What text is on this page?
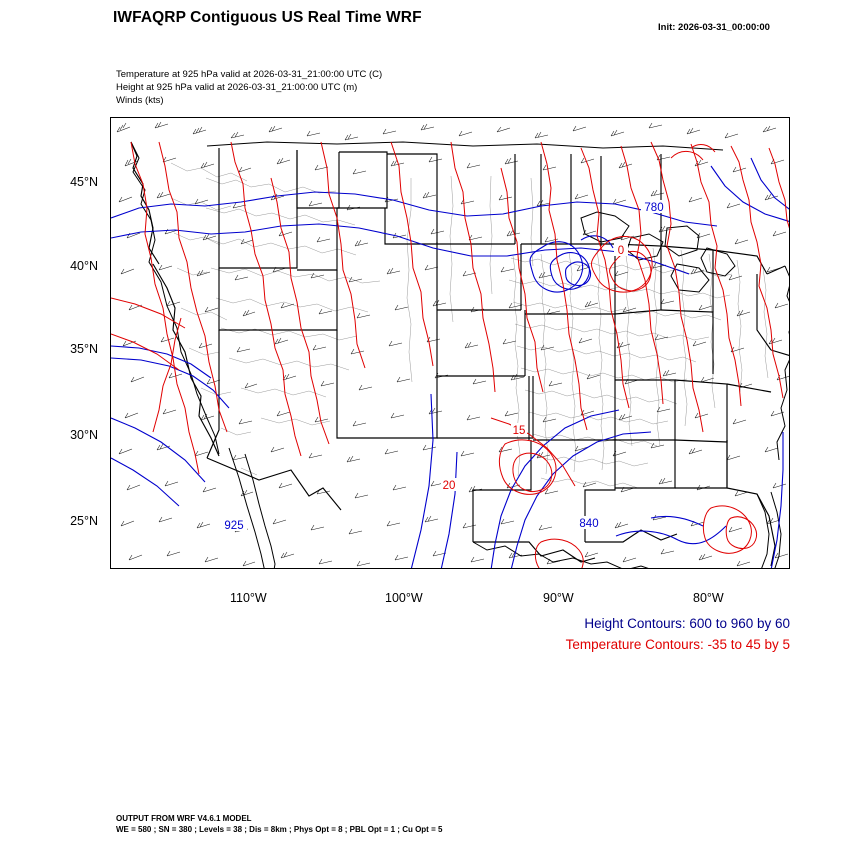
IWFAQRP Contiguous US Real Time WRF
Init: 2026-03-31_00:00:00
Temperature at 925 hPa valid at 2026-03-31_21:00:00 UTC (C)
Height at 925 hPa valid at 2026-03-31_21:00:00 UTC (m)
Winds (kts)
45°N
40°N
35°N
30°N
25°N
110°W	100°W	90°W	80°W
780
840
925
15
20
0
Height Contours: 600 to 960 by 60
Temperature Contours: -35 to 45 by 5
OUTPUT FROM WRF V4.6.1 MODEL
WE = 580 ; SN = 380 ; Levels = 38 ; Dis = 8km ; Phys Opt = 8 ; PBL Opt = 1 ; Cu Opt = 5
